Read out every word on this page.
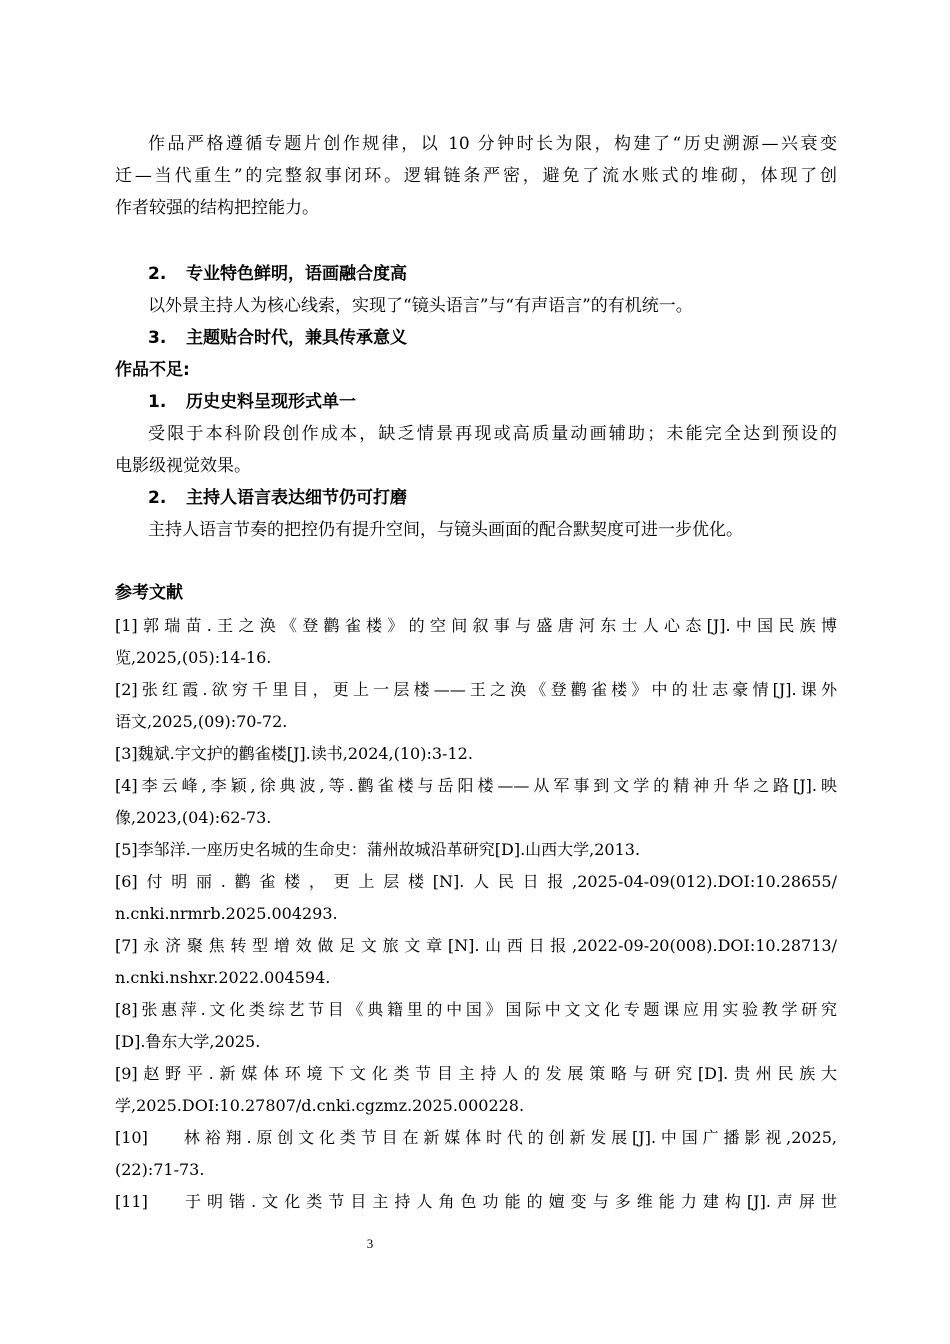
作品严格遵循专题片创作规律，以 10 分钟时长为限，构建了“历史溯源—兴衰变
迁—当代重生”的完整叙事闭环。逻辑链条严密，避免了流水账式的堆砌，体现了创
作者较强的结构把控能力。
2. 专业特色鲜明，语画融合度高
以外景主持人为核心线索，实现了“镜头语言”与“有声语言”的有机统一。
3. 主题贴合时代，兼具传承意义
作品不足:
1. 历史史料呈现形式单一
受限于本科阶段创作成本，缺乏情景再现或高质量动画辅助；未能完全达到预设的
电影级视觉效果。
2. 主持人语言表达细节仍可打磨
主持人语言节奏的把控仍有提升空间，与镜头画面的配合默契度可进一步优化。
参考文献
[1]郭瑞苗.王之涣《登鹳雀楼》的空间叙事与盛唐河东士人心态[J].中国民族博
览,2025,(05):14-16.
[2]张红霞.欲穷千里目，更上一层楼——王之涣《登鹳雀楼》中的壮志豪情[J].课外
语文,2025,(09):70-72.
[3]魏斌.宇文护的鹳雀楼[J].读书,2024,(10):3-12.
[4]李云峰,李颖,徐典波,等.鹳雀楼与岳阳楼——从军事到文学的精神升华之路[J].映
像,2023,(04):62-73.
[5]李邹洋.一座历史名城的生命史：蒲州故城沿革研究[D].山西大学,2013.
[6]付明丽.鹳雀楼，更上层楼[N].人民日报,2025-04-09(012).DOI:10.28655/
n.cnki.nrmrb.2025.004293.
[7]永济聚焦转型增效做足文旅文章[N].山西日报,2022-09-20(008).DOI:10.28713/
n.cnki.nshxr.2022.004594.
[8]张惠萍.文化类综艺节目《典籍里的中国》国际中文文化专题课应用实验教学研究
[D].鲁东大学,2025.
[9]赵野平.新媒体环境下文化类节目主持人的发展策略与研究[D].贵州民族大
学,2025.DOI:10.27807/d.cnki.cgzmz.2025.000228.
[10] 林裕翔.原创文化类节目在新媒体时代的创新发展[J].中国广播影视,2025,
(22):71-73.
[11] 于明锴.文化类节目主持人角色功能的嬗变与多维能力建构[J].声屏世
3
